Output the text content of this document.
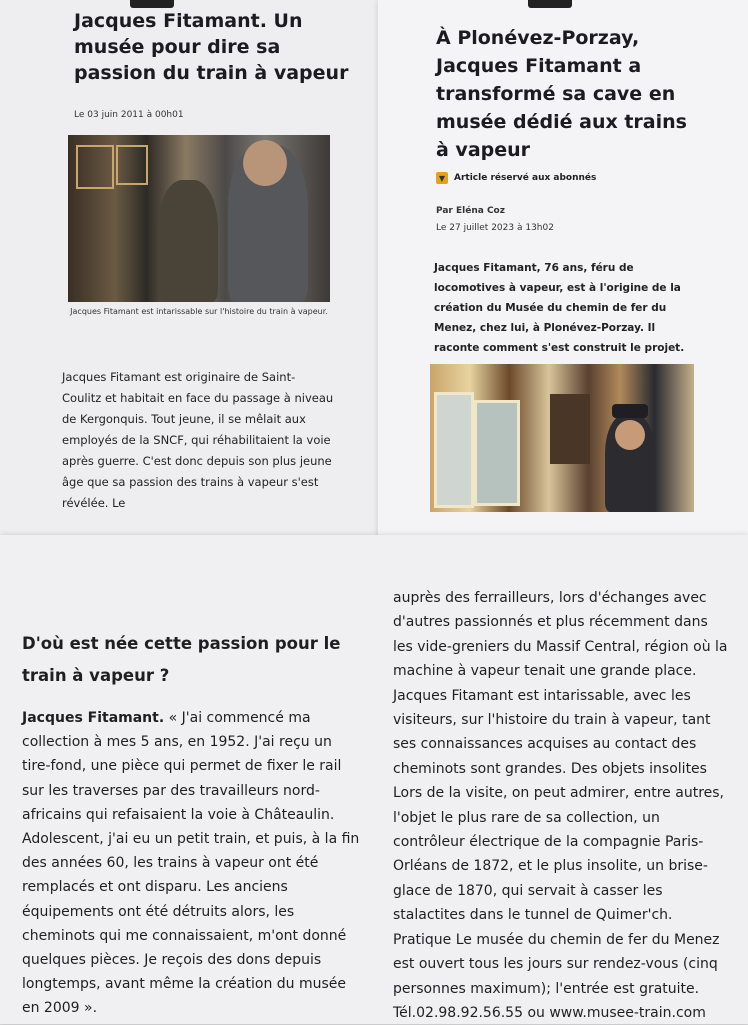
Jacques Fitamant. Un musée pour dire sa passion du train à vapeur
Le 03 juin 2011 à 00h01
Jacques Fitamant est intarissable sur l'histoire du train à vapeur.

Jacques Fitamant est originaire de Saint-Coulitz et habitait en face du passage à niveau de Kergonquis. Tout jeune, il se mêlait aux employés de la SNCF, qui réhabilitaient la voie après guerre. C'est donc depuis son plus jeune âge que sa passion des trains à vapeur s'est révélée. Le

À Plonévez-Porzay, Jacques Fitamant a transformé sa cave en musée dédié aux trains à vapeur
▼ Article réservé aux abonnés
Par Eléna Coz
Le 27 juillet 2023 à 13h02

Jacques Fitamant, 76 ans, féru de locomotives à vapeur, est à l'origine de la création du Musée du chemin de fer du Menez, chez lui, à Plonévez-Porzay. Il raconte comment s'est construit le projet.

D'où est née cette passion pour le train à vapeur ?

Jacques Fitamant. « J'ai commencé ma collection à mes 5 ans, en 1952. J'ai reçu un tire-fond, une pièce qui permet de fixer le rail sur les traverses par des travailleurs nord-africains qui refaisaient la voie à Châteaulin. Adolescent, j'ai eu un petit train, et puis, à la fin des années 60, les trains à vapeur ont été remplacés et ont disparu. Les anciens équipements ont été détruits alors, les cheminots qui me connaissaient, m'ont donné quelques pièces. Je reçois des dons depuis longtemps, avant même la création du musée en 2009 ».

auprès des ferrailleurs, lors d'échanges avec d'autres passionnés et plus récemment dans les vide-greniers du Massif Central, région où la machine à vapeur tenait une grande place. Jacques Fitamant est intarissable, avec les visiteurs, sur l'histoire du train à vapeur, tant ses connaissances acquises au contact des cheminots sont grandes. Des objets insolites Lors de la visite, on peut admirer, entre autres, l'objet le plus rare de sa collection, un contrôleur électrique de la compagnie Paris-Orléans de 1872, et le plus insolite, un brise-glace de 1870, qui servait à casser les stalactites dans le tunnel de Quimer'ch. Pratique Le musée du chemin de fer du Menez est ouvert tous les jours sur rendez-vous (cinq personnes maximum); l'entrée est gratuite. Tél.02.98.92.56.55 ou www.musee-train.com
